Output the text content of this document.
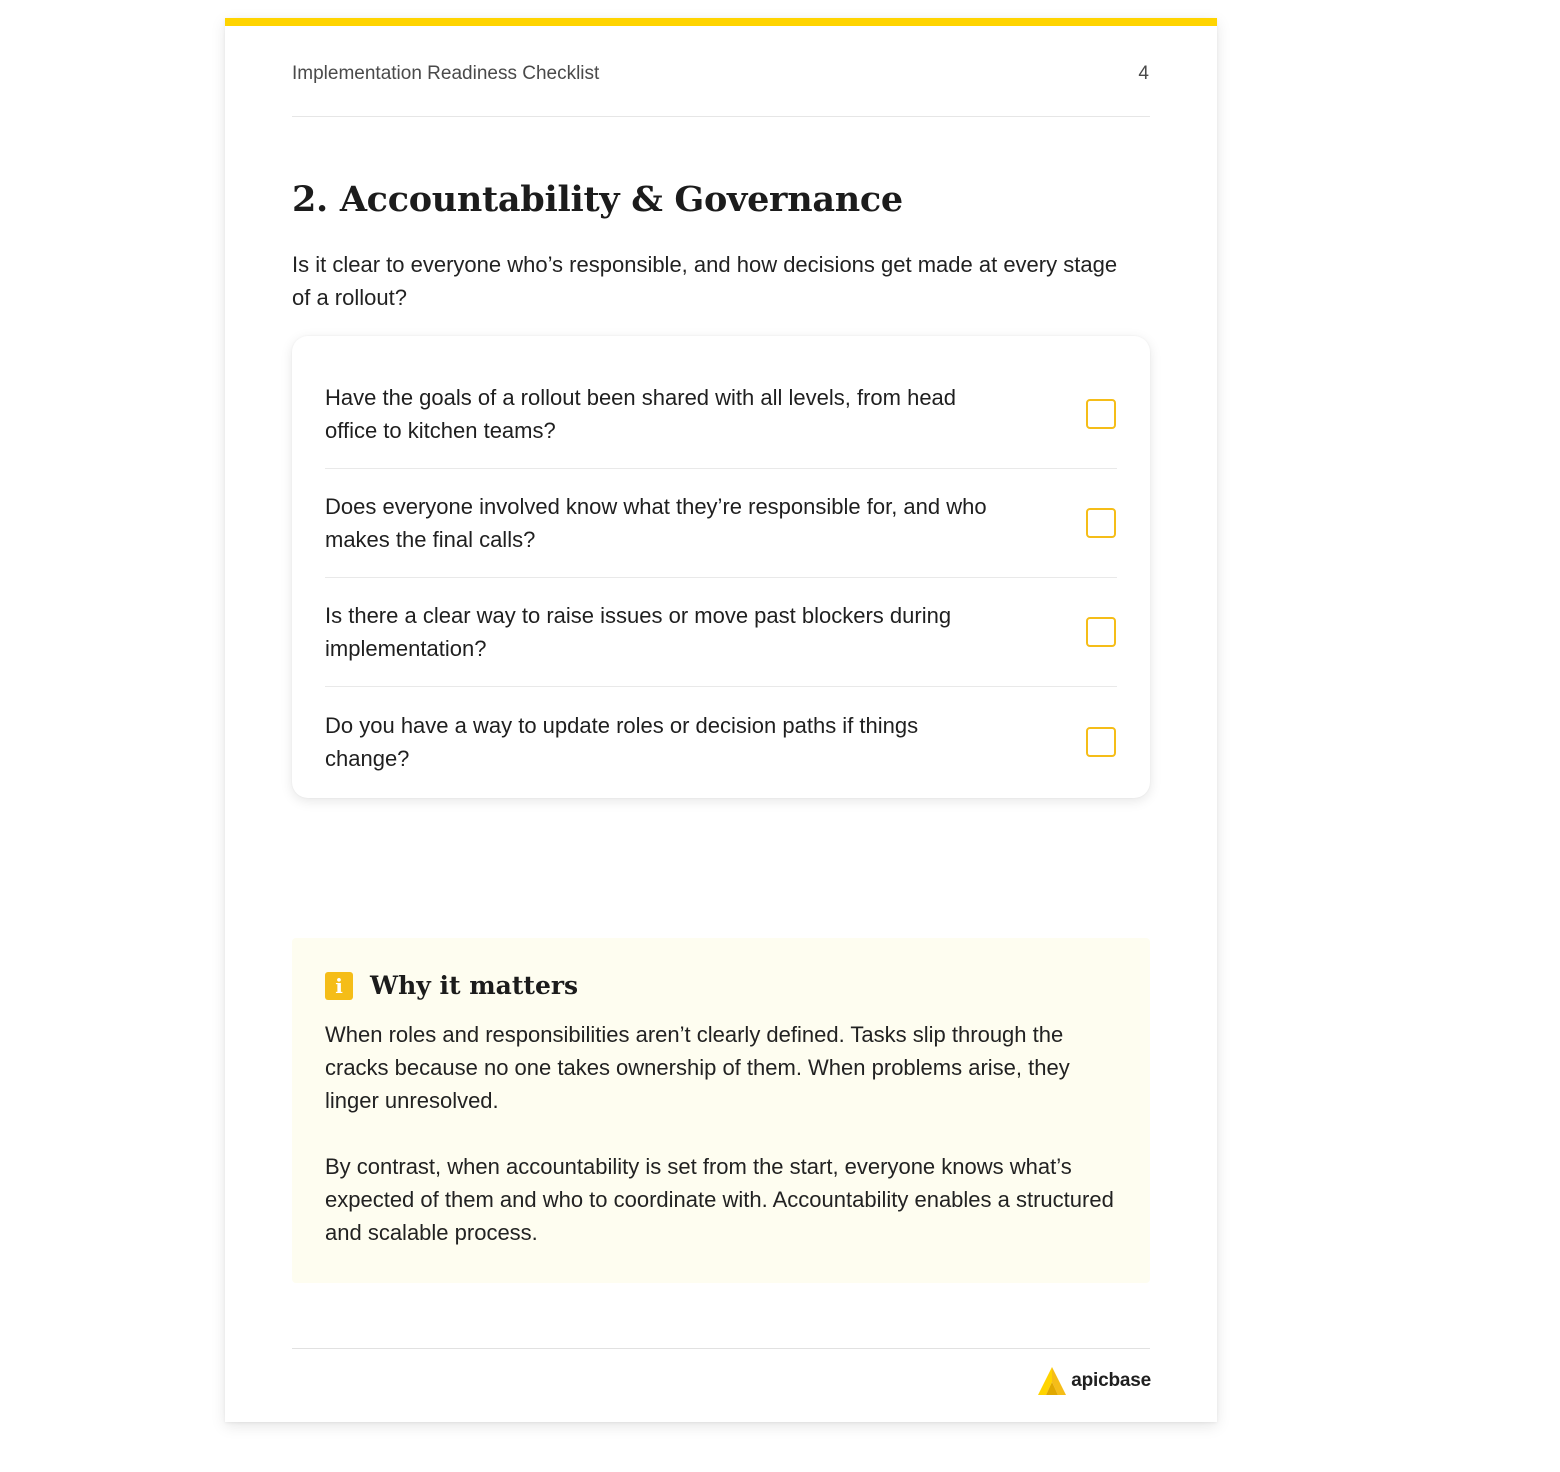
Implementation Readiness Checklist	4
2. Accountability & Governance

Is it clear to everyone who’s responsible, and how decisions get made at every stage of a rollout?

Have the goals of a rollout been shared with all levels, from head office to kitchen teams?
Does everyone involved know what they’re responsible for, and who makes the final calls?
Is there a clear way to raise issues or move past blockers during implementation?
Do you have a way to update roles or decision paths if things change?
i	Why it matters

When roles and responsibilities aren’t clearly defined. Tasks slip through the cracks because no one takes ownership of them. When problems arise, they linger unresolved.

By contrast, when accountability is set from the start, everyone knows what’s expected of them and who to coordinate with. Accountability enables a structured and scalable process.

apicbase
